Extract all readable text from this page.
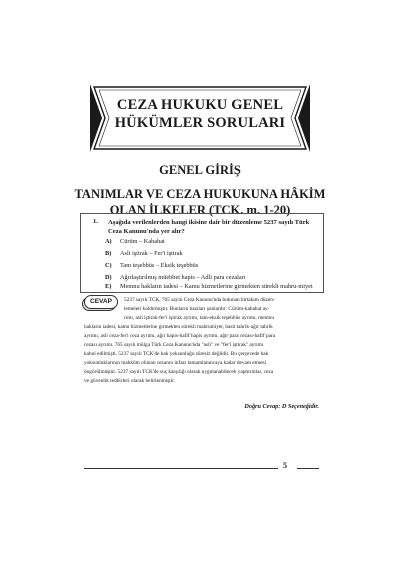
CEZA HUKUKU GENEL
HÜKÜMLER SORULARI
GENEL GİRİŞ
TANIMLAR VE CEZA HUKUKUNA HÂKİM
OLAN İLKELER (TCK. m. 1-20)
1. Aşağıda verilenlerden hangi ikisine dair bir düzenleme 5237 sayılı Türk
Ceza Kanunu'nda yer alır?
A) Cürüm – Kabahat
B) Asli iştirak – Fer'i iştirak
C) Tam teşebbüs – Eksik teşebbüs
D) Ağırlaştırılmış müebbet hapis – Adli para cezaları
E) Memnu hakların iadesi – Kamu hizmetlerine girmekten sürekli mahru-miyet
CEVAP	5237 sayılı TCK, 765 sayılı Ceza Kanunu'nda bulunan birtakım düzen-
lemeleri kaldırmıştır. Bunların bazıları şunlardır: Cürüm-kabahat ay-
rımı, asli iştirak-fer'i iştirak ayrımı, tam-eksik teşebbüs ayrımı, memnu
hakların iadesi, kamu hizmetlerine girmekten sürekli mahrumiyet, basit tahrik-ağır tahrik
ayrımı, asli ceza-fer'i ceza ayrımı, ağır hapis-hafif hapis ayrımı, ağır para cezası-hafif para
cezası ayrımı. 765 sayılı mülga Türk Ceza Kanunu'nda "asli" ve "fer'i iştirak" ayrımı
kabul edilmişti. 5237 sayılı TCK'de hak yoksunluğu süresiz değildir. Bu çerçevede hak
yoksunluklarının mahkûm olunan cezanın infazı tamamlanıncaya kadar devam etmesi
öngörülmüştür. 5237 sayılı TCK'de suç karşılığı olarak uygulanabilecek yaptırımlar, ceza
ve güvenlik tedbirleri olarak belirlenmiştir.
Doğru Cevap: D Seçeneğidir.
5
